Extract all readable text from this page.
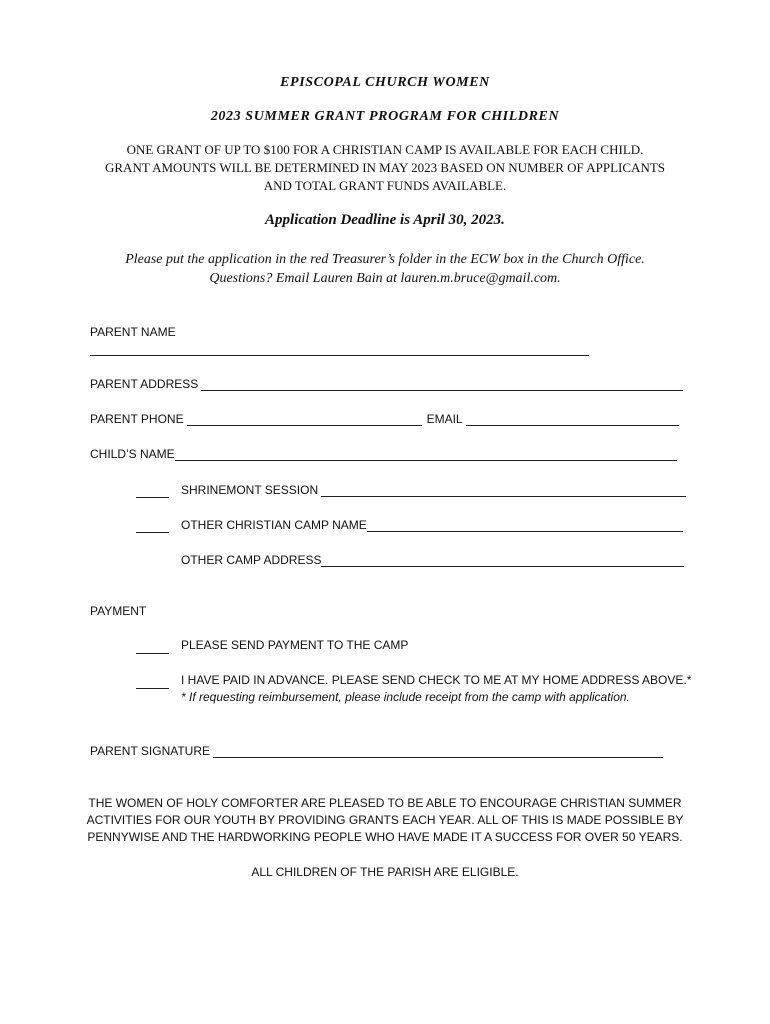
EPISCOPAL CHURCH WOMEN
2023 SUMMER GRANT PROGRAM FOR CHILDREN
ONE GRANT OF UP TO $100 FOR A CHRISTIAN CAMP IS AVAILABLE FOR EACH CHILD.
GRANT AMOUNTS WILL BE DETERMINED IN MAY 2023 BASED ON NUMBER OF APPLICANTS
AND TOTAL GRANT FUNDS AVAILABLE.
Application Deadline is April 30, 2023.
Please put the application in the red Treasurer’s folder in the ECW box in the Church Office.
Questions? Email Lauren Bain at lauren.m.bruce@gmail.com.
PARENT NAME
PARENT ADDRESS
PARENT PHONE	EMAIL
CHILD’S NAME
SHRINEMONT SESSION
OTHER CHRISTIAN CAMP NAME
OTHER CAMP ADDRESS
PAYMENT
PLEASE SEND PAYMENT TO THE CAMP
I HAVE PAID IN ADVANCE. PLEASE SEND CHECK TO ME AT MY HOME ADDRESS ABOVE.*
* If requesting reimbursement, please include receipt from the camp with application.
PARENT SIGNATURE
THE WOMEN OF HOLY COMFORTER ARE PLEASED TO BE ABLE TO ENCOURAGE CHRISTIAN SUMMER
ACTIVITIES FOR OUR YOUTH BY PROVIDING GRANTS EACH YEAR. ALL OF THIS IS MADE POSSIBLE BY
PENNYWISE AND THE HARDWORKING PEOPLE WHO HAVE MADE IT A SUCCESS FOR OVER 50 YEARS.
ALL CHILDREN OF THE PARISH ARE ELIGIBLE.
